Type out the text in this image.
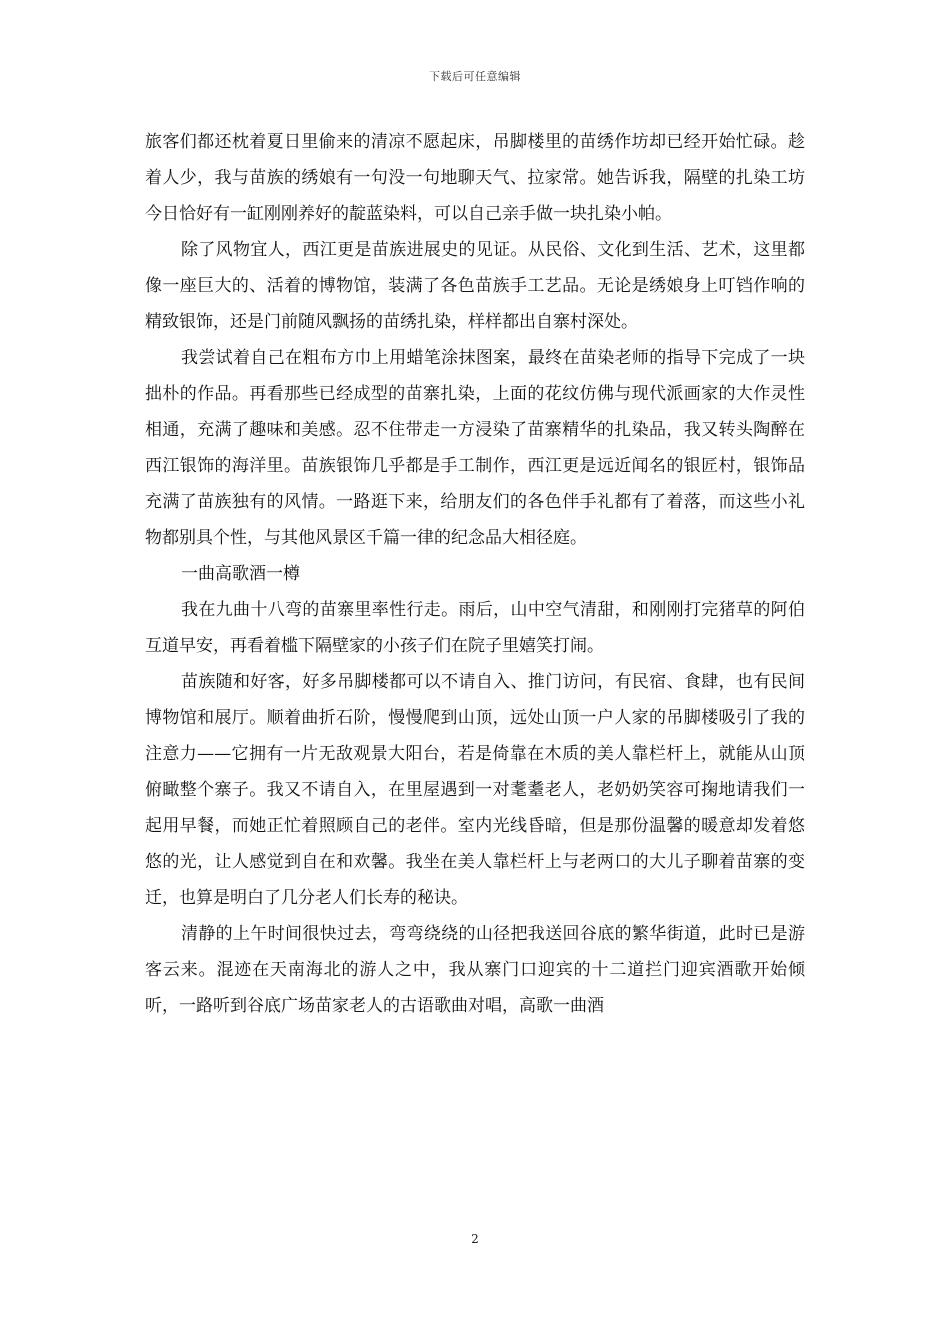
下载后可任意编辑

旅客们都还枕着夏日里偷来的清凉不愿起床，吊脚楼里的苗绣作坊却已经开始忙碌。趁着人少，我与苗族的绣娘有一句没一句地聊天气、拉家常。她告诉我，隔壁的扎染工坊今日恰好有一缸刚刚养好的靛蓝染料，可以自己亲手做一块扎染小帕。

除了风物宜人，西江更是苗族进展史的见证。从民俗、文化到生活、艺术，这里都像一座巨大的、活着的博物馆，装满了各色苗族手工艺品。无论是绣娘身上叮铛作响的精致银饰，还是门前随风飘扬的苗绣扎染，样样都出自寨村深处。

我尝试着自己在粗布方巾上用蜡笔涂抹图案，最终在苗染老师的指导下完成了一块拙朴的作品。再看那些已经成型的苗寨扎染，上面的花纹仿佛与现代派画家的大作灵性相通，充满了趣味和美感。忍不住带走一方浸染了苗寨精华的扎染品，我又转头陶醉在西江银饰的海洋里。苗族银饰几乎都是手工制作，西江更是远近闻名的银匠村，银饰品充满了苗族独有的风情。一路逛下来，给朋友们的各色伴手礼都有了着落，而这些小礼物都别具个性，与其他风景区千篇一律的纪念品大相径庭。

一曲高歌酒一樽

我在九曲十八弯的苗寨里率性行走。雨后，山中空气清甜，和刚刚打完猪草的阿伯互道早安，再看着槛下隔壁家的小孩子们在院子里嬉笑打闹。

苗族随和好客，好多吊脚楼都可以不请自入、推门访问，有民宿、食肆，也有民间博物馆和展厅。顺着曲折石阶，慢慢爬到山顶，远处山顶一户人家的吊脚楼吸引了我的注意力——它拥有一片无敌观景大阳台，若是倚靠在木质的美人靠栏杆上，就能从山顶俯瞰整个寨子。我又不请自入，在里屋遇到一对耄耋老人，老奶奶笑容可掬地请我们一起用早餐，而她正忙着照顾自己的老伴。室内光线昏暗，但是那份温馨的暖意却发着悠悠的光，让人感觉到自在和欢馨。我坐在美人靠栏杆上与老两口的大儿子聊着苗寨的变迁，也算是明白了几分老人们长寿的秘诀。

清静的上午时间很快过去，弯弯绕绕的山径把我送回谷底的繁华街道，此时已是游客云来。混迹在天南海北的游人之中，我从寨门口迎宾的十二道拦门迎宾酒歌开始倾听，一路听到谷底广场苗家老人的古语歌曲对唱，高歌一曲酒

2
